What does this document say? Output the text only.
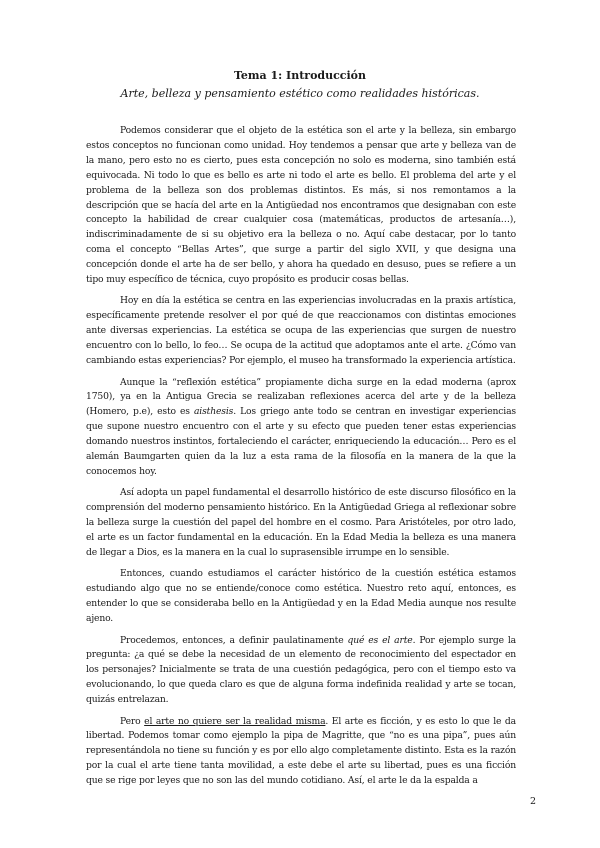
Tema 1: Introducción
Arte, belleza y pensamiento estético como realidades históricas.

Podemos considerar que el objeto de la estética son el arte y la belleza, sin embargo estos conceptos no funcionan como unidad. Hoy tendemos a pensar que arte y belleza van de la mano, pero esto no es cierto, pues esta concepción no solo es moderna, sino también está equivocada. Ni todo lo que es bello es arte ni todo el arte es bello. El problema del arte y el problema de la belleza son dos problemas distintos. Es más, si nos remontamos a la descripción que se hacía del arte en la Antigüedad nos encontramos que designaban con este concepto la habilidad de crear cualquier cosa (matemáticas, productos de artesanía…), indiscriminadamente de si su objetivo era la belleza o no. Aquí cabe destacar, por lo tanto coma el concepto “Bellas Artes”, que surge a partir del siglo XVII, y que designa una concepción donde el arte ha de ser bello, y ahora ha quedado en desuso, pues se refiere a un tipo muy específico de técnica, cuyo propósito es producir cosas bellas.

Hoy en día la estética se centra en las experiencias involucradas en la praxis artística, específicamente pretende resolver el por qué de que reaccionamos con distintas emociones ante diversas experiencias. La estética se ocupa de las experiencias que surgen de nuestro encuentro con lo bello, lo feo… Se ocupa de la actitud que adoptamos ante el arte. ¿Cómo van cambiando estas experiencias? Por ejemplo, el museo ha transformado la experiencia artística.

Aunque la “reflexión estética” propiamente dicha surge en la edad moderna (aprox 1750), ya en la Antigua Grecia se realizaban reflexiones acerca del arte y de la belleza (Homero, p.e), esto es aisthesis. Los griego ante todo se centran en investigar experiencias que supone nuestro encuentro con el arte y su efecto que pueden tener estas experiencias domando nuestros instintos, fortaleciendo el carácter, enriqueciendo la educación… Pero es el alemán Baumgarten quien da la luz a esta rama de la filosofía en la manera de la que la conocemos hoy.

Así adopta un papel fundamental el desarrollo histórico de este discurso filosófico en la comprensión del moderno pensamiento histórico. En la Antigüedad Griega al reflexionar sobre la belleza surge la cuestión del papel del hombre en el cosmo. Para Aristóteles, por otro lado, el arte es un factor fundamental en la educación. En la Edad Media la belleza es una manera de llegar a Dios, es la manera en la cual lo suprasensible irrumpe en lo sensible.

Entonces, cuando estudiamos el carácter histórico de la cuestión estética estamos estudiando algo que no se entiende/conoce como estética. Nuestro reto aquí, entonces, es entender lo que se consideraba bello en la Antigüedad y en la Edad Media aunque nos resulte ajeno.

Procedemos, entonces, a definir paulatinamente qué es el arte. Por ejemplo surge la pregunta: ¿a qué se debe la necesidad de un elemento de reconocimiento del espectador en los personajes? Inicialmente se trata de una cuestión pedagógica, pero con el tiempo esto va evolucionando, lo que queda claro es que de alguna forma indefinida realidad y arte se tocan, quizás entrelazan.

Pero el arte no quiere ser la realidad misma. El arte es ficción, y es esto lo que le da libertad. Podemos tomar como ejemplo la pipa de Magritte, que “no es una pipa”, pues aún representándola no tiene su función y es por ello algo completamente distinto. Esta es la razón por la cual el arte tiene tanta movilidad, a este debe el arte su libertad, pues es una ficción que se rige por leyes que no son las del mundo cotidiano. Así, el arte le da la espalda a

2
